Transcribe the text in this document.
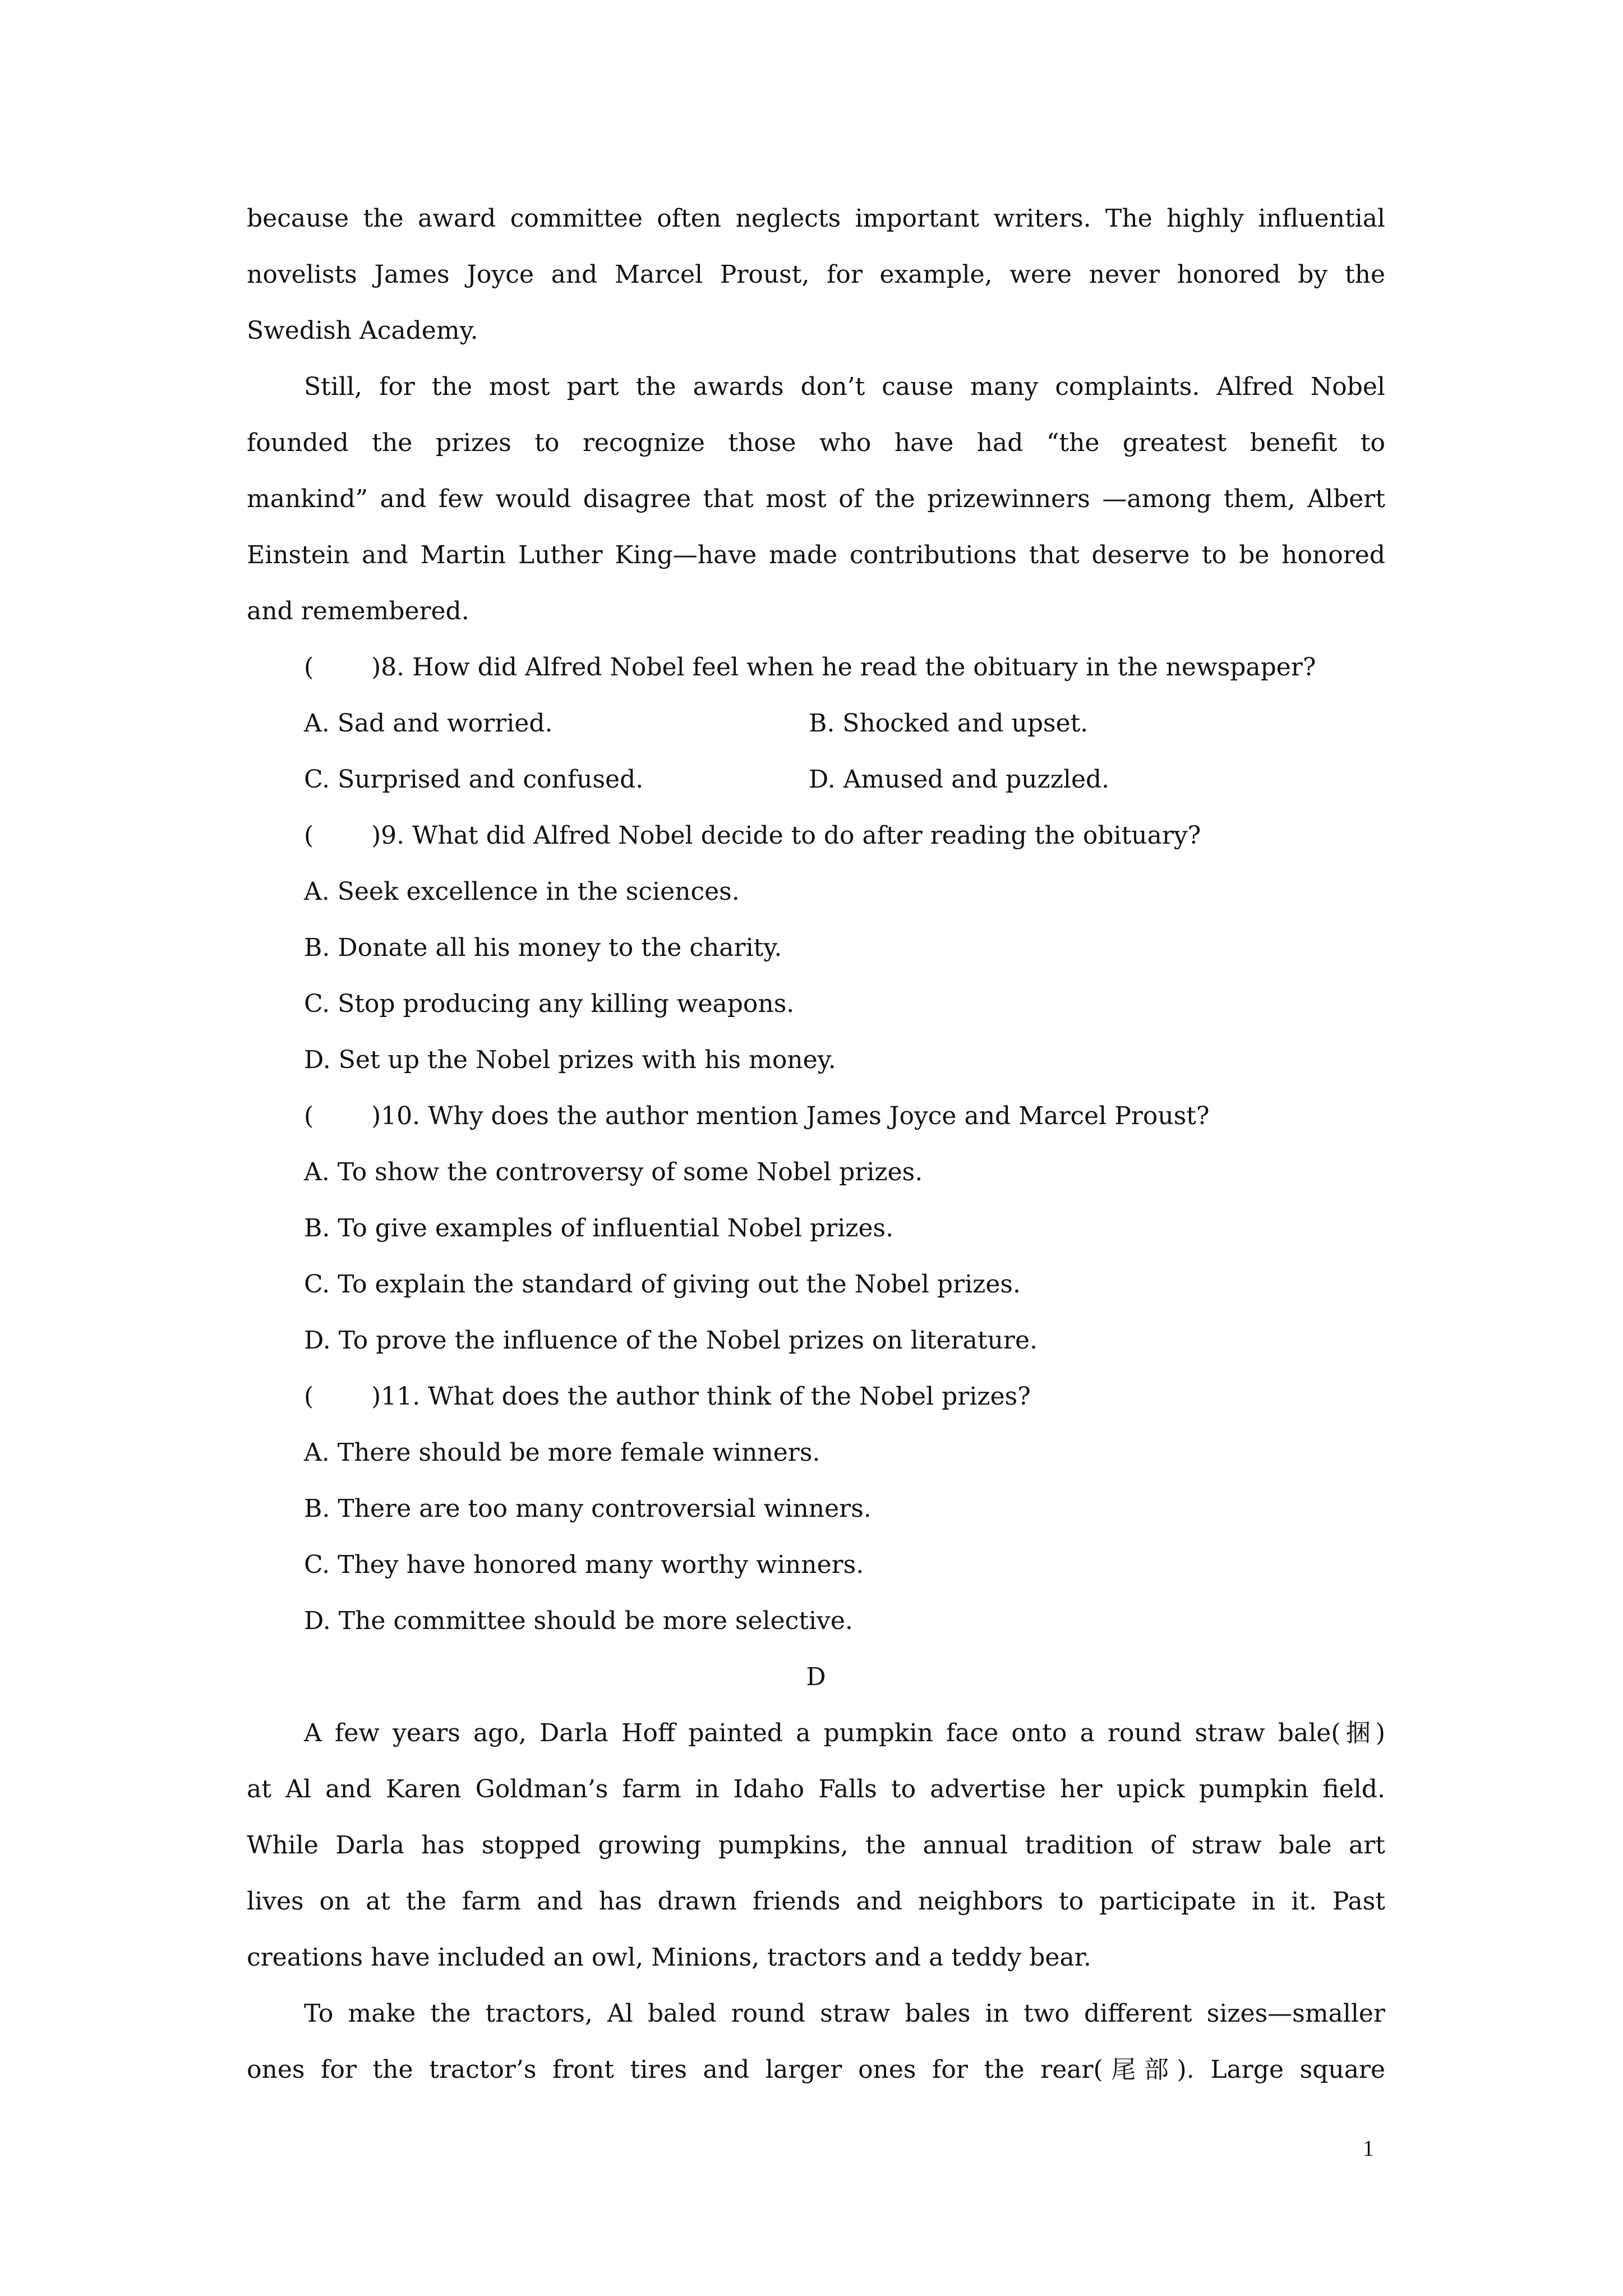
because the award committee often neglects important writers. The highly influential
novelists James Joyce and Marcel Proust, for example, were never honored by the
Swedish Academy.
Still, for the most part the awards don’t cause many complaints. Alfred Nobel
founded the prizes to recognize those who have had “the greatest benefit to
mankind” and few would disagree that most of the prizewinners —among them, Albert
Einstein and Martin Luther King—have made contributions that deserve to be honored
and remembered.
( )8. How did Alfred Nobel feel when he read the obituary in the newspaper?
A. Sad and worried.	B. Shocked and upset.
C. Surprised and confused.	D. Amused and puzzled.
( )9. What did Alfred Nobel decide to do after reading the obituary?
A. Seek excellence in the sciences.
B. Donate all his money to the charity.
C. Stop producing any killing weapons.
D. Set up the Nobel prizes with his money.
( )10. Why does the author mention James Joyce and Marcel Proust?
A. To show the controversy of some Nobel prizes.
B. To give examples of influential Nobel prizes.
C. To explain the standard of giving out the Nobel prizes.
D. To prove the influence of the Nobel prizes on literature.
( )11. What does the author think of the Nobel prizes?
A. There should be more female winners.
B. There are too many controversial winners.
C. They have honored many worthy winners.
D. The committee should be more selective.
D
A few years ago, Darla Hoff painted a pumpkin face onto a round straw bale(捆)
at Al and Karen Goldman’s farm in Idaho Falls to advertise her upick pumpkin field.
While Darla has stopped growing pumpkins, the annual tradition of straw bale art
lives on at the farm and has drawn friends and neighbors to participate in it. Past
creations have included an owl, Minions, tractors and a teddy bear.
To make the tractors, Al baled round straw bales in two different sizes—smaller
ones for the tractor’s front tires and larger ones for the rear(尾部). Large square
1
